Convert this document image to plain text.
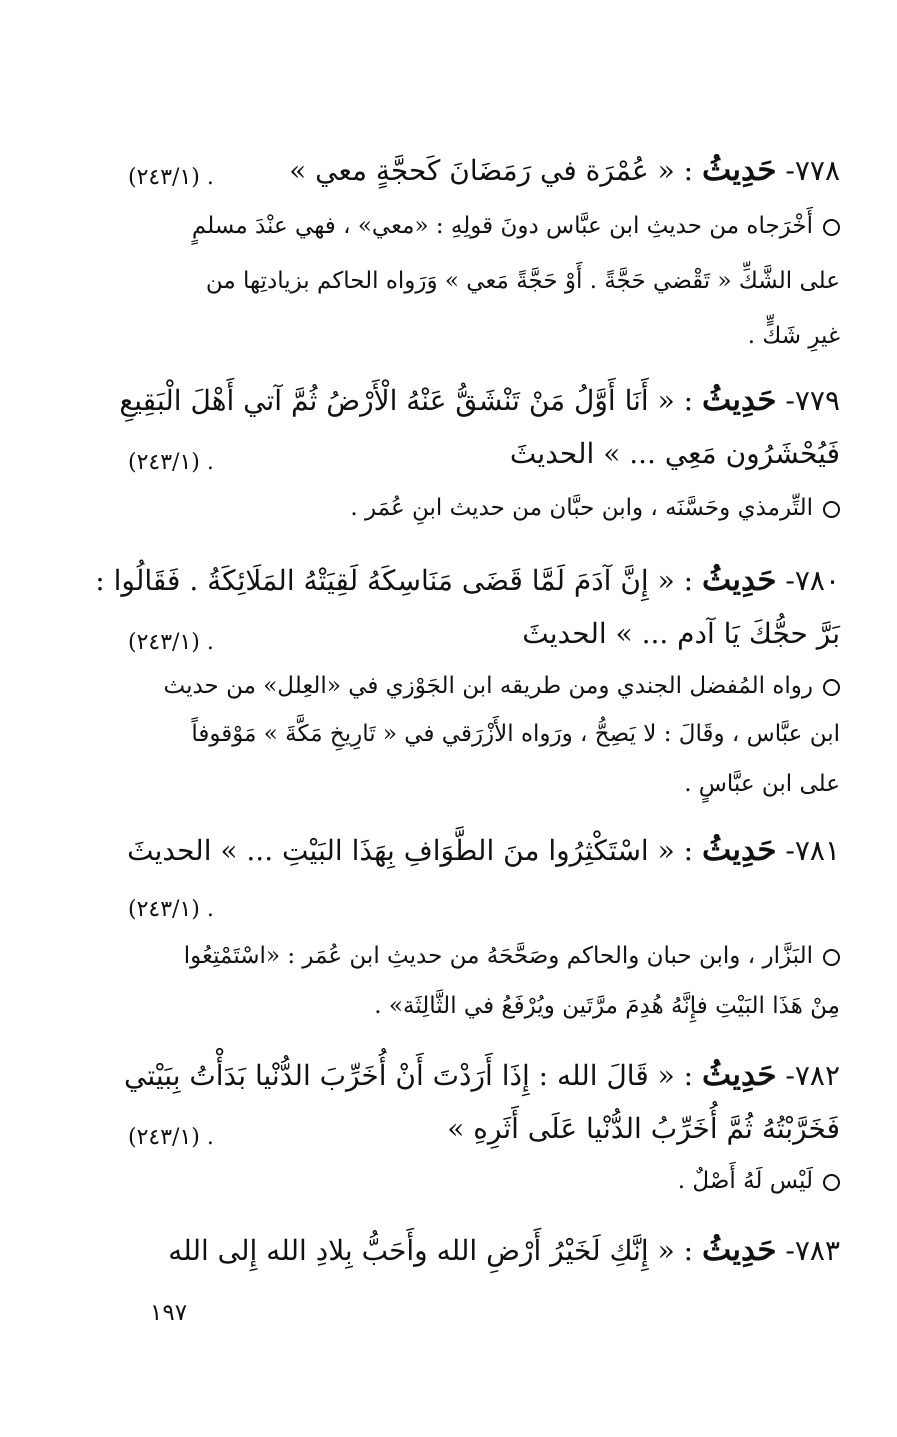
٧٧٨- حَدِيثُ : « عُمْرَة في رَمَضَانَ كَحجَّةٍ معي »
(٢٤٣/١) .
أَخْرَجاه من حديثِ ابن عبَّاس دونَ قولِهِ : «معي» ، فهي عنْدَ مسلمٍ
على الشَّكِّ « تَقْضي حَجَّةً . أَوْ حَجَّةً مَعي » وَرَواه الحاكم بزيادتِها من
غيرِ شَكٍّ .
٧٧٩- حَدِيثُ : « أَنَا أَوَّلُ مَنْ تَنْشَقُّ عَنْهُ الْأَرْضُ ثُمَّ آتي أَهْلَ الْبَقِيعِ
فَيُحْشَرُون مَعِي ... » الحديثَ
(٢٤٣/١) .
التِّرمذي وحَسَّنَه ، وابن حبَّان من حديث ابنِ عُمَر .
٧٨٠- حَدِيثُ : « إِنَّ آدَمَ لَمَّا قَضَى مَنَاسِكَهُ لَقِيَتْهُ المَلَائِكَةُ . فَقَالُوا :
بَرَّ حجُّكَ يَا آدم ... » الحديثَ
(٢٤٣/١) .
رواه المُفضل الجندي ومن طريقه ابن الجَوْزي في «العِلل» من حديث
ابن عبَّاس ، وقَالَ : لا يَصِحُّ ، ورَواه الأَزْرَقي في « تَارِيخِ مَكَّةَ » مَوْقوفاً
على ابن عبَّاسٍ .
٧٨١- حَدِيثُ : « اسْتَكْثِرُوا منَ الطَّوَافِ بِهَذَا البَيْتِ ... » الحديثَ
(٢٤٣/١) .
البَزَّار ، وابن حبان والحاكم وصَحَّحَهُ من حديثِ ابن عُمَر : «اسْتَمْتِعُوا
مِنْ هَذَا البَيْتِ فإِنَّهُ هُدِمَ مرَّتَين ويُرْفَعُ في الثَّالِثَة» .
٧٨٢- حَدِيثُ : « قَالَ الله : إِذَا أَرَدْتَ أَنْ أُخَرِّبَ الدُّنْيا بَدَأْتُ بِبَيْتي
فَخَرَّبْتُهُ ثُمَّ أُخَرِّبُ الدُّنْيا عَلَى أَثَرِهِ »
(٢٤٣/١) .
لَيْس لَهُ أَصْلٌ .
٧٨٣- حَدِيثُ : « إِنَّكِ لَخَيْرُ أَرْضِ الله وأَحَبُّ بِلادِ الله إِلى الله
١٩٧
